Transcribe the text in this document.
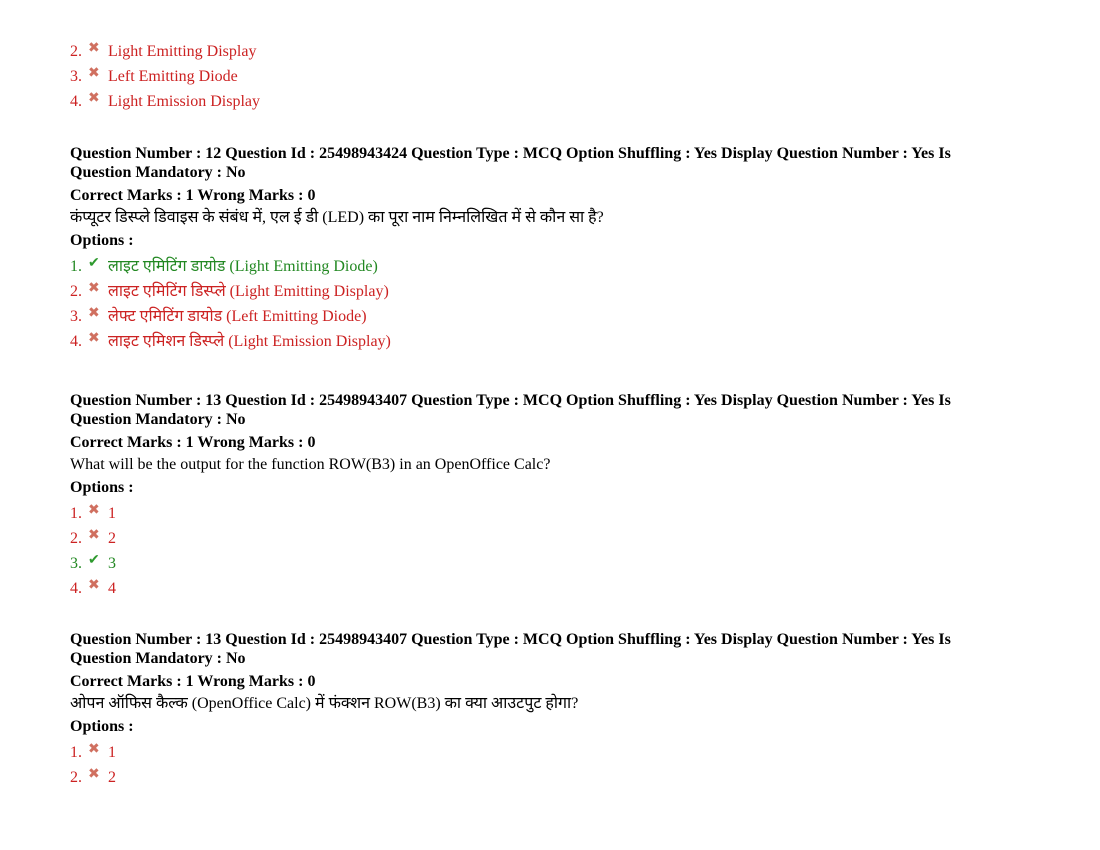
2. ✖ Light Emitting Display
3. ✖ Left Emitting Diode
4. ✖ Light Emission Display
Question Number : 12 Question Id : 25498943424 Question Type : MCQ Option Shuffling : Yes Display Question Number : Yes Is Question Mandatory : No
Correct Marks : 1 Wrong Marks : 0
कंप्यूटर डिस्प्ले डिवाइस के संबंध में, एल ई डी (LED) का पूरा नाम निम्नलिखित में से कौन सा है?
Options :
1. ✔ लाइट एमिटिंग डायोड (Light Emitting Diode)
2. ✖ लाइट एमिटिंग डिस्प्ले (Light Emitting Display)
3. ✖ लेफ्ट एमिटिंग डायोड (Left Emitting Diode)
4. ✖ लाइट एमिशन डिस्प्ले (Light Emission Display)
Question Number : 13 Question Id : 25498943407 Question Type : MCQ Option Shuffling : Yes Display Question Number : Yes Is Question Mandatory : No
Correct Marks : 1 Wrong Marks : 0
What will be the output for the function ROW(B3) in an OpenOffice Calc?
Options :
1. ✖ 1
2. ✖ 2
3. ✔ 3
4. ✖ 4
Question Number : 13 Question Id : 25498943407 Question Type : MCQ Option Shuffling : Yes Display Question Number : Yes Is Question Mandatory : No
Correct Marks : 1 Wrong Marks : 0
ओपन ऑफिस कैल्क (OpenOffice Calc) में फंक्शन ROW(B3) का क्या आउटपुट होगा?
Options :
1. ✖ 1
2. ✖ 2
